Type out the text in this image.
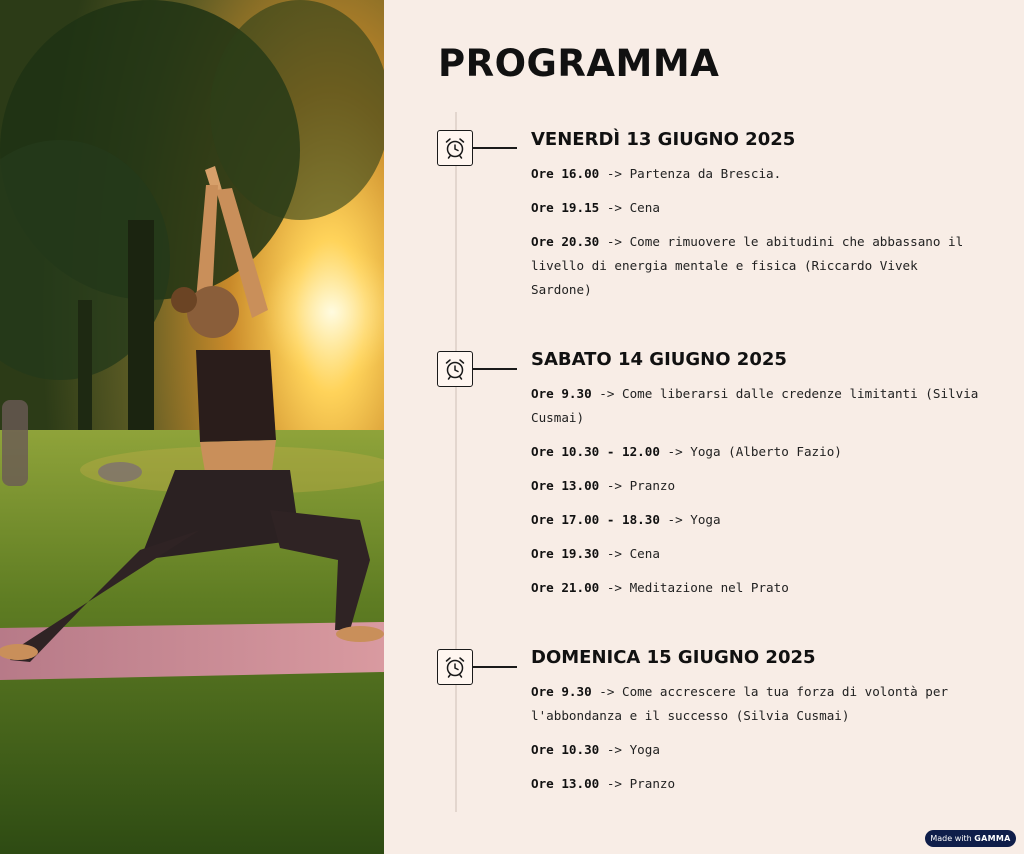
PROGRAMMA
VENERDÌ 13 GIUGNO 2025
Ore 16.00 -> Partenza da Brescia.
Ore 19.15 -> Cena
Ore 20.30 -> Come rimuovere le abitudini che abbassano il livello di energia mentale e fisica (Riccardo Vivek Sardone)
SABATO 14 GIUGNO 2025
Ore 9.30 -> Come liberarsi dalle credenze limitanti (Silvia Cusmai)
Ore 10.30 - 12.00 -> Yoga (Alberto Fazio)
Ore 13.00 -> Pranzo
Ore 17.00 - 18.30 -> Yoga
Ore 19.30 -> Cena
Ore 21.00 -> Meditazione nel Prato
DOMENICA 15 GIUGNO 2025
Ore 9.30 -> Come accrescere la tua forza di volontà per l'abbondanza e il successo (Silvia Cusmai)
Ore 10.30 -> Yoga
Ore 13.00 -> Pranzo
Made with GAMMA
